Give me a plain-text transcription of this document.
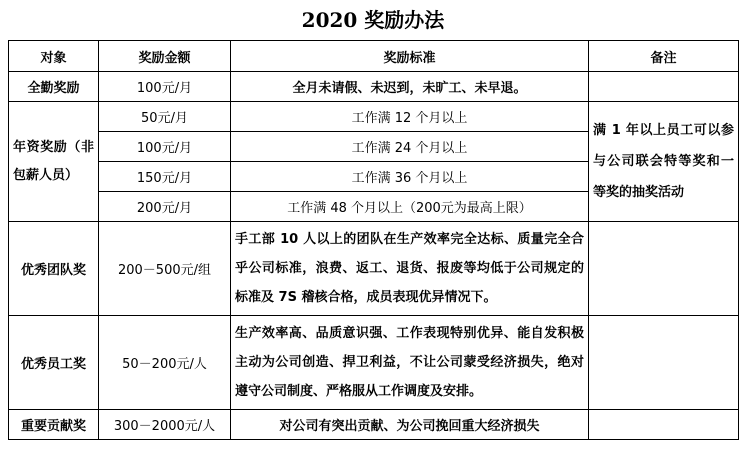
2020 奖励办法
对象	奖励金额	奖励标准	备注
全勤奖励	100元/月	全月未请假、未迟到，未旷工、未早退。	
年资奖励（非包薪人员）	50元/月	工作满 12 个月以上	满 1 年以上员工可以参与公司联会特等奖和一等奖的抽奖活动
	100元/月	工作满 24 个月以上	
	150元/月	工作满 36 个月以上	
	200元/月	工作满 48 个月以上（200元为最高上限）	
优秀团队奖	200－500元/组	手工部 10 人以上的团队在生产效率完全达标、质量完全合乎公司标准，浪费、返工、退货、报废等均低于公司规定的标准及 7S 稽核合格，成员表现优异情况下。	
优秀员工奖	50－200元/人	生产效率高、品质意识强、工作表现特别优异、能自发积极主动为公司创造、捍卫利益，不让公司蒙受经济损失，绝对遵守公司制度、严格服从工作调度及安排。	
重要贡献奖	300－2000元/人	对公司有突出贡献、为公司挽回重大经济损失	
